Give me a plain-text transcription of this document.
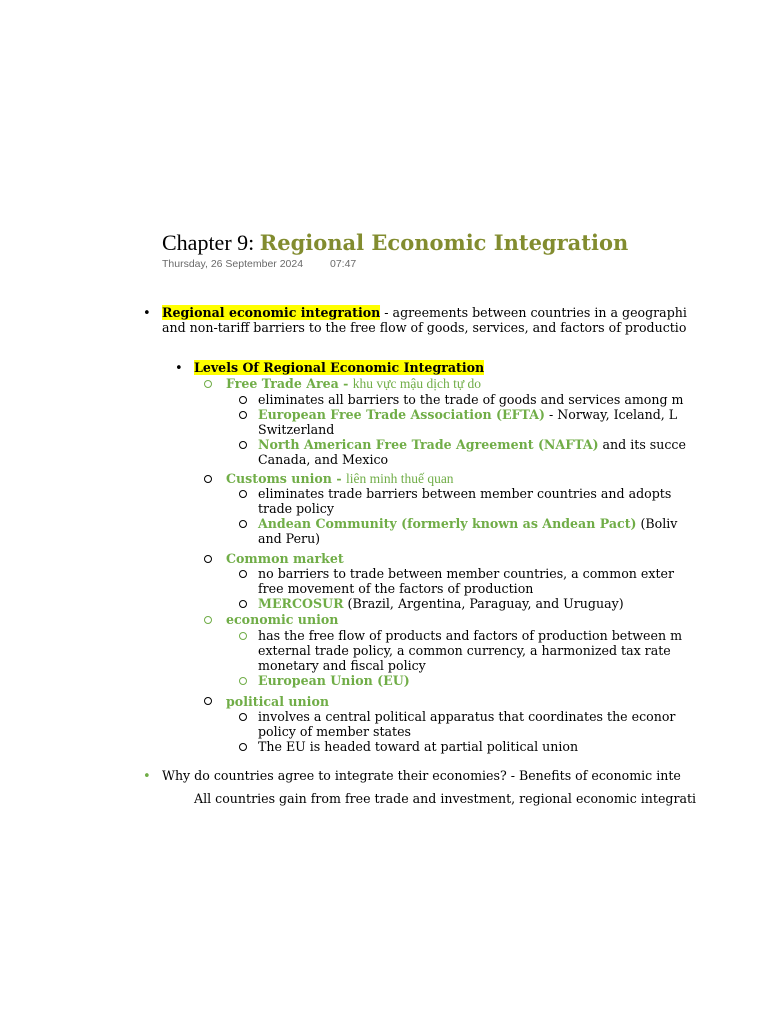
Chapter 9: Regional Economic Integration
Thursday, 26 September 2024	07:47
•
Regional economic integration - agreements between countries in a geographi
and non-tariff barriers to the free flow of goods, services, and factors of productio
•
Levels Of Regional Economic Integration
Free Trade Area - khu vực mậu dịch tự do
eliminates all barriers to the trade of goods and services among m
European Free Trade Association (EFTA) - Norway, Iceland, L
Switzerland
North American Free Trade Agreement (NAFTA) and its succe
Canada, and Mexico
Customs union - liên minh thuế quan
eliminates trade barriers between member countries and adopts
trade policy
Andean Community (formerly known as Andean Pact) (Boliv
and Peru)
Common market
no barriers to trade between member countries, a common exter
free movement of the factors of production
MERCOSUR (Brazil, Argentina, Paraguay, and Uruguay)
economic union
has the free flow of products and factors of production between m
external trade policy, a common currency, a harmonized tax rate
monetary and fiscal policy
European Union (EU)
political union
involves a central political apparatus that coordinates the econor
policy of member states
The EU is headed toward at partial political union
•
Why do countries agree to integrate their economies? - Benefits of economic inte
All countries gain from free trade and investment, regional economic integrati
